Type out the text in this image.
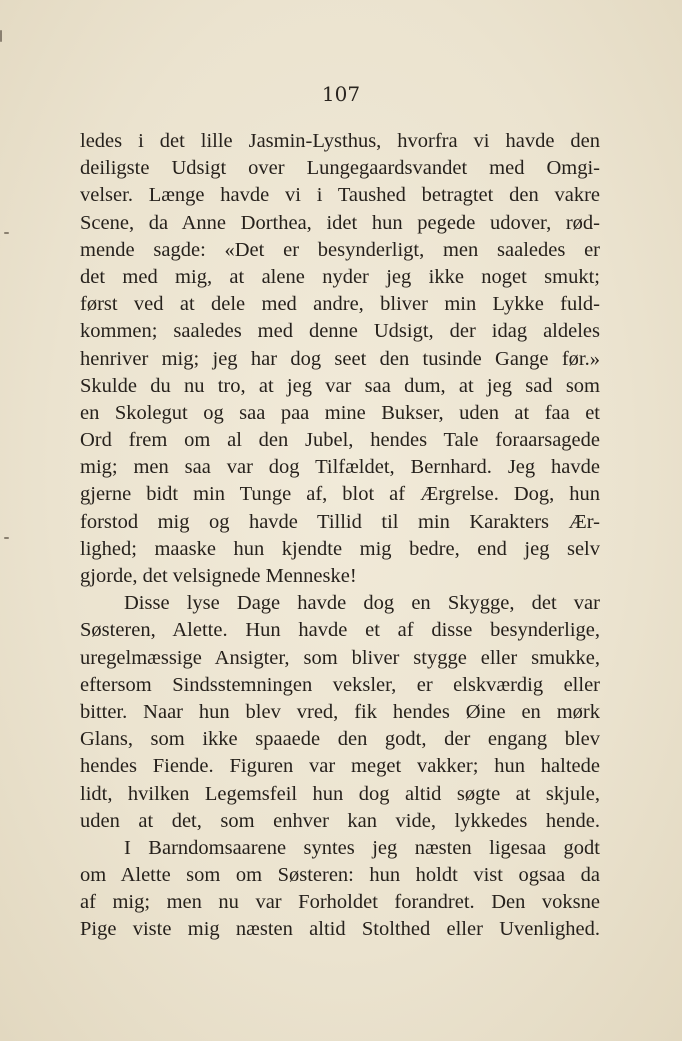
107
ledes i det lille Jasmin-Lysthus, hvorfra vi havde den
deiligste Udsigt over Lungegaardsvandet med Omgi-
velser. Længe havde vi i Taushed betragtet den vakre
Scene, da Anne Dorthea, idet hun pegede udover, rød-
mende sagde: «Det er besynderligt, men saaledes er
det med mig, at alene nyder jeg ikke noget smukt;
først ved at dele med andre, bliver min Lykke fuld-
kommen; saaledes med denne Udsigt, der idag aldeles
henriver mig; jeg har dog seet den tusinde Gange før.»
Skulde du nu tro, at jeg var saa dum, at jeg sad som
en Skolegut og saa paa mine Bukser, uden at faa et
Ord frem om al den Jubel, hendes Tale foraarsagede
mig; men saa var dog Tilfældet, Bernhard. Jeg havde
gjerne bidt min Tunge af, blot af Ærgrelse. Dog, hun
forstod mig og havde Tillid til min Karakters Ær-
lighed; maaske hun kjendte mig bedre, end jeg selv
gjorde, det velsignede Menneske!
Disse lyse Dage havde dog en Skygge, det var
Søsteren, Alette. Hun havde et af disse besynderlige,
uregelmæssige Ansigter, som bliver stygge eller smukke,
eftersom Sindsstemningen veksler, er elskværdig eller
bitter. Naar hun blev vred, fik hendes Øine en mørk
Glans, som ikke spaaede den godt, der engang blev
hendes Fiende. Figuren var meget vakker; hun haltede
lidt, hvilken Legemsfeil hun dog altid søgte at skjule,
uden at det, som enhver kan vide, lykkedes hende.
I Barndomsaarene syntes jeg næsten ligesaa godt
om Alette som om Søsteren: hun holdt vist ogsaa da
af mig; men nu var Forholdet forandret. Den voksne
Pige viste mig næsten altid Stolthed eller Uvenlighed.
